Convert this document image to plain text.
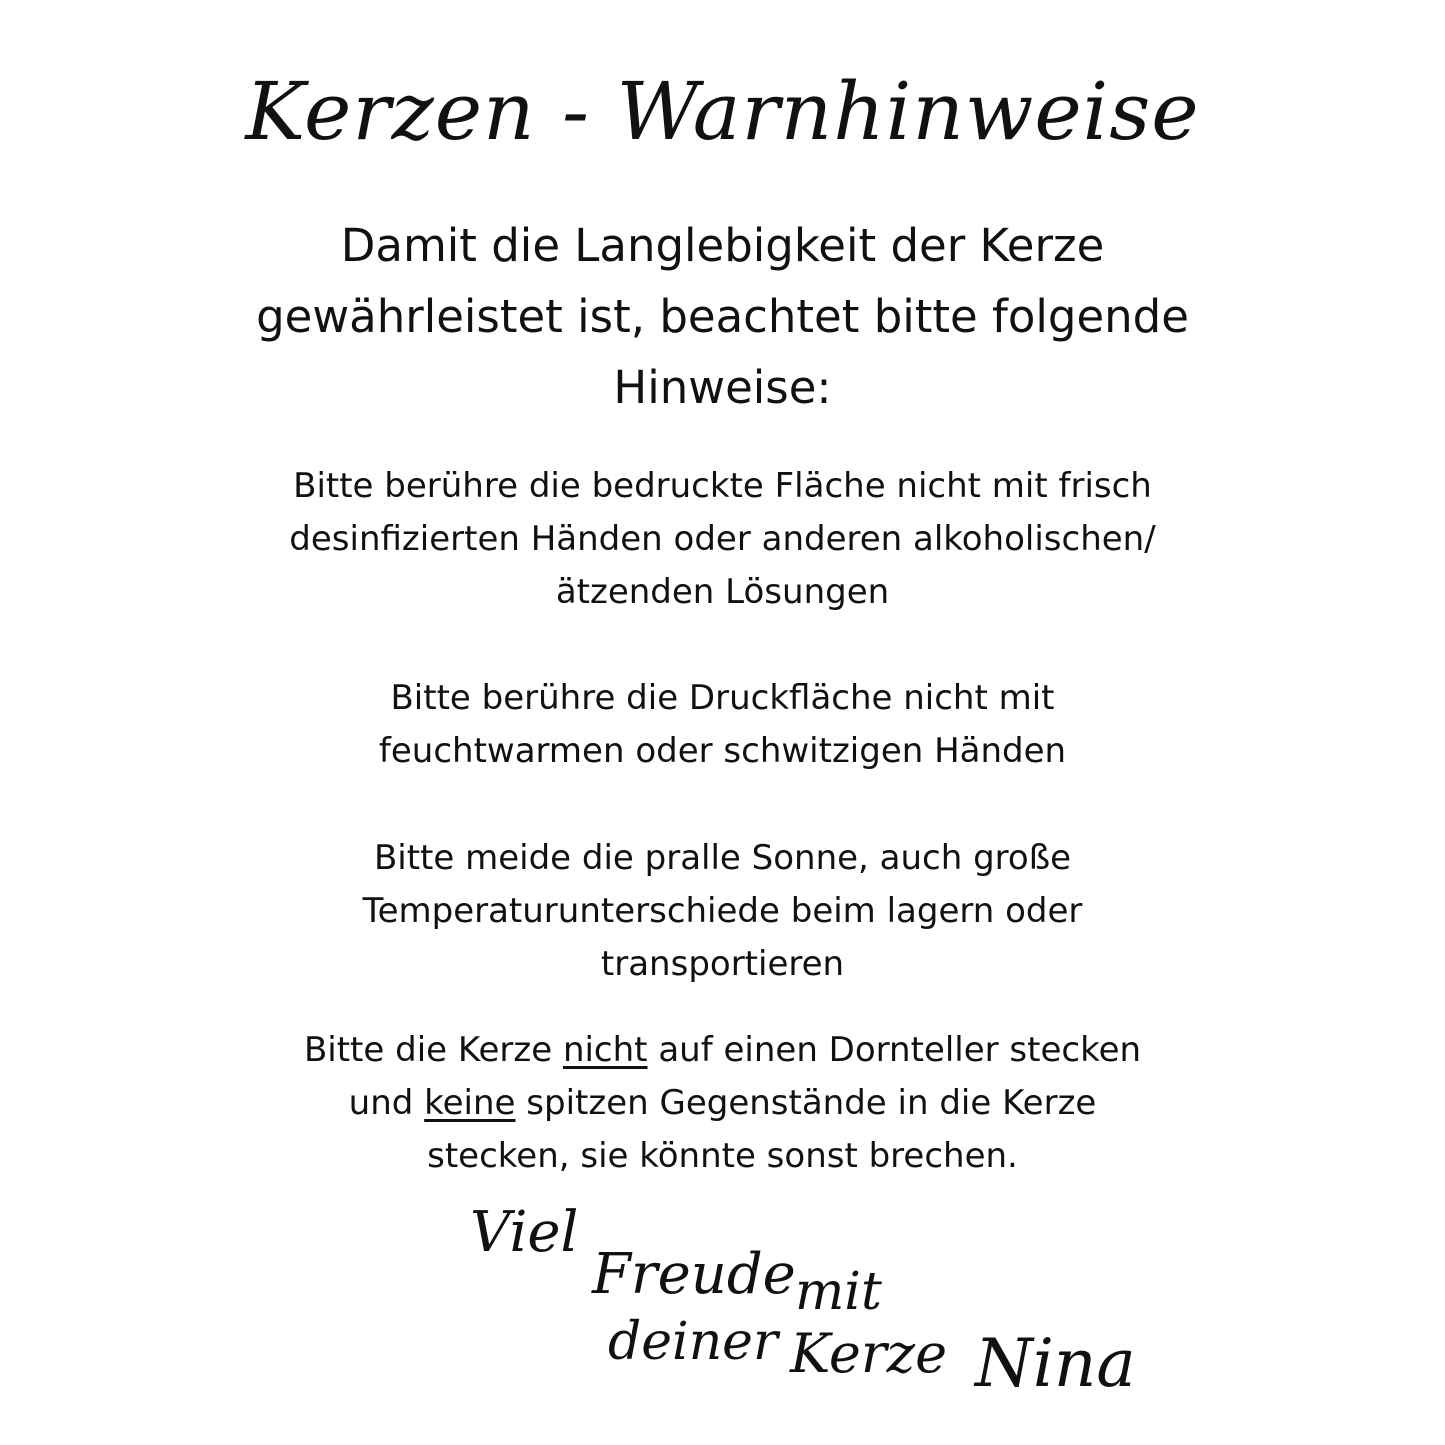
Kerzen - Warnhinweise

Damit die Langlebigkeit der Kerze gewährleistet ist, beachtet bitte folgende Hinweise:

Bitte berühre die bedruckte Fläche nicht mit frisch desinfizierten Händen oder anderen alkoholischen/ ätzenden Lösungen

Bitte berühre die Druckfläche nicht mit feuchtwarmen oder schwitzigen Händen

Bitte meide die pralle Sonne, auch große Temperaturunterschiede beim lagern oder transportieren

Bitte die Kerze nicht auf einen Dornteller stecken und keine spitzen Gegenstände in die Kerze stecken, sie könnte sonst brechen.

Viel
Freude mit
deiner Kerze Nina
